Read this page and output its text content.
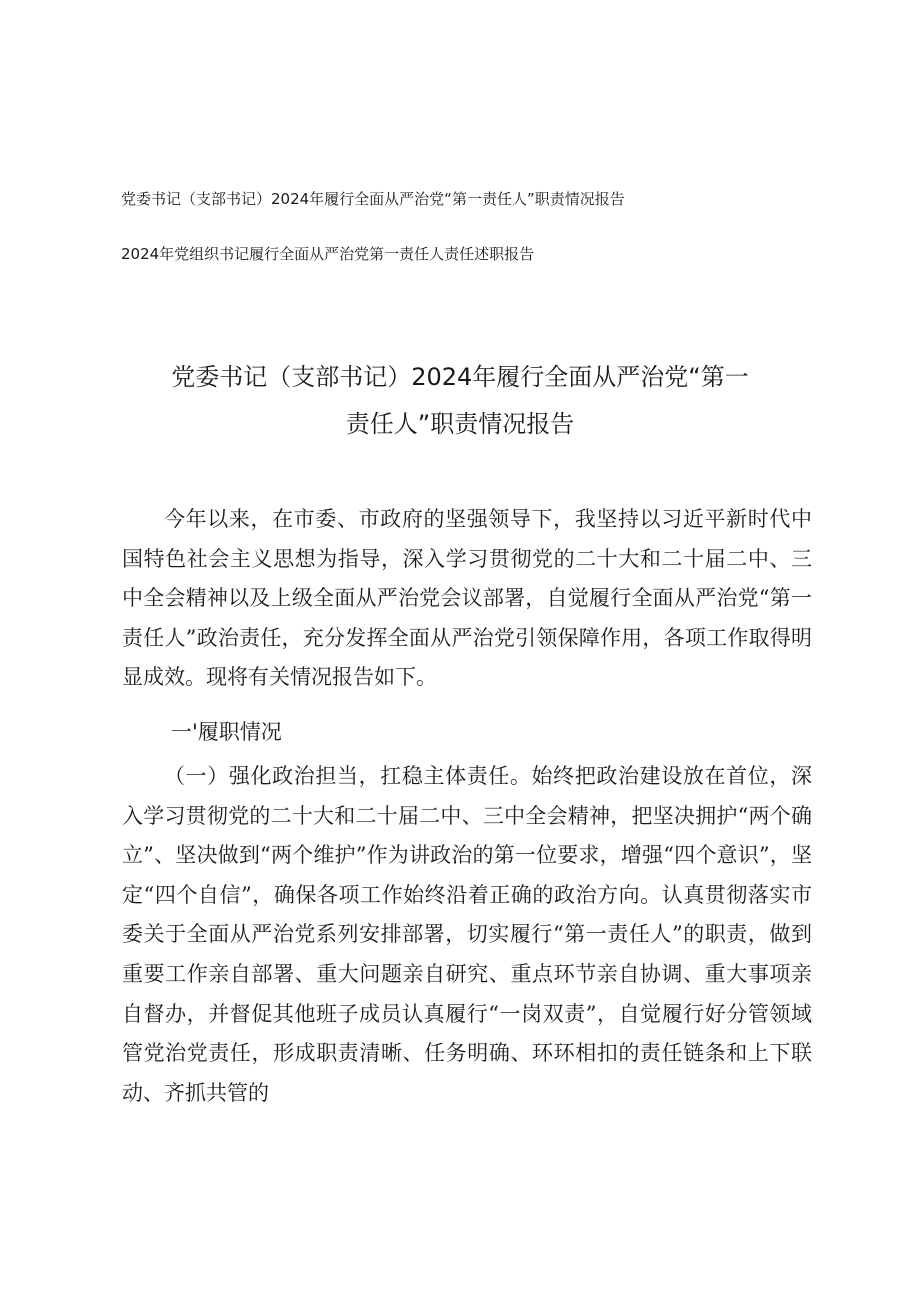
党委书记（支部书记）2024年履行全面从严治党“第一责任人”职责情况报告
2024年党组织书记履行全面从严治党第一责任人责任述职报告
党委书记（支部书记）2024年履行全面从严治党“第一
责任人”职责情况报告

今年以来，在市委、市政府的坚强领导下，我坚持以习近平新时代中国特色社会主义思想为指导，深入学习贯彻党的二十大和二十届二中、三中全会精神以及上级全面从严治党会议部署，自觉履行全面从严治党“第一责任人”政治责任，充分发挥全面从严治党引领保障作用，各项工作取得明显成效。现将有关情况报告如下。

一'履职情况

（一）强化政治担当，扛稳主体责任。始终把政治建设放在首位，深入学习贯彻党的二十大和二十届二中、三中全会精神，把坚决拥护“两个确立”、坚决做到“两个维护”作为讲政治的第一位要求，增强“四个意识”，坚定“四个自信”，确保各项工作始终沿着正确的政治方向。认真贯彻落实市委关于全面从严治党系列安排部署，切实履行“第一责任人”的职责，做到重要工作亲自部署、重大问题亲自研究、重点环节亲自协调、重大事项亲自督办，并督促其他班子成员认真履行“一岗双责”，自觉履行好分管领域管党治党责任，形成职责清晰、任务明确、环环相扣的责任链条和上下联动、齐抓共管的
